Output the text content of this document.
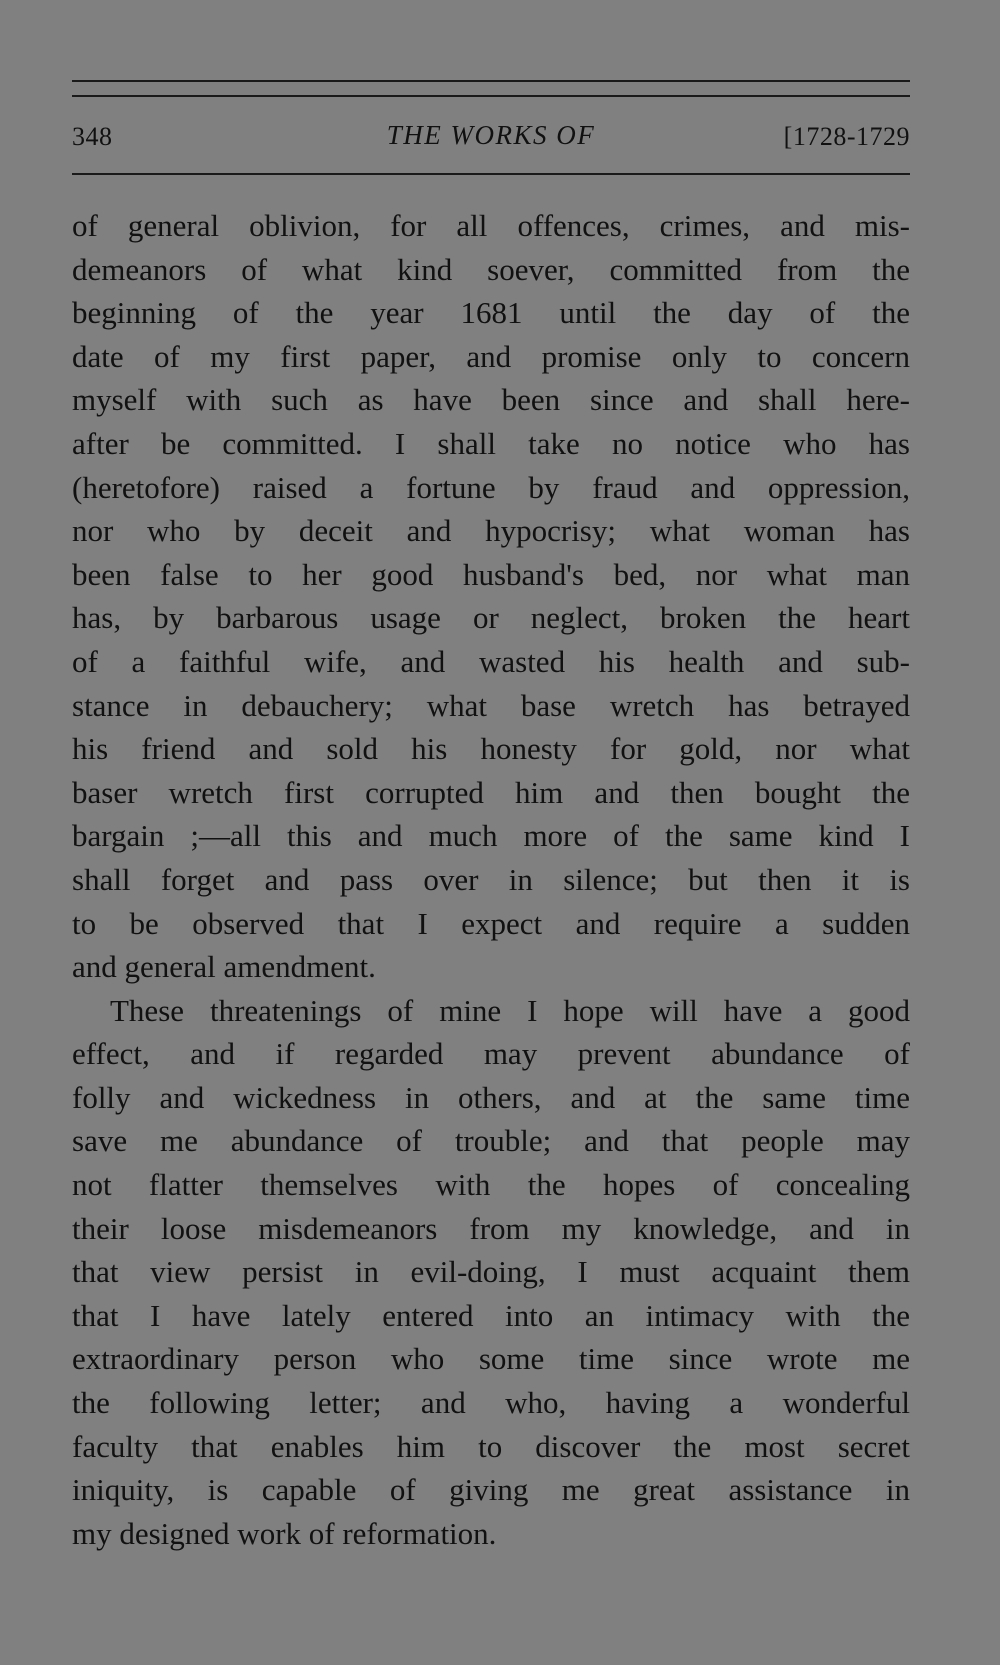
348	THE WORKS OF	[1728-1729
of general oblivion, for all offences, crimes, and mis-
demeanors of what kind soever, committed from the
beginning of the year 1681 until the day of the
date of my first paper, and promise only to concern
myself with such as have been since and shall here-
after be committed. I shall take no notice who has
(heretofore) raised a fortune by fraud and oppression,
nor who by deceit and hypocrisy; what woman has
been false to her good husband's bed, nor what man
has, by barbarous usage or neglect, broken the heart
of a faithful wife, and wasted his health and sub-
stance in debauchery; what base wretch has betrayed
his friend and sold his honesty for gold, nor what
baser wretch first corrupted him and then bought the
bargain ;—all this and much more of the same kind I
shall forget and pass over in silence; but then it is
to be observed that I expect and require a sudden
and general amendment.
These threatenings of mine I hope will have a good
effect, and if regarded may prevent abundance of
folly and wickedness in others, and at the same time
save me abundance of trouble; and that people may
not flatter themselves with the hopes of concealing
their loose misdemeanors from my knowledge, and in
that view persist in evil-doing, I must acquaint them
that I have lately entered into an intimacy with the
extraordinary person who some time since wrote me
the following letter; and who, having a wonderful
faculty that enables him to discover the most secret
iniquity, is capable of giving me great assistance in
my designed work of reformation.
